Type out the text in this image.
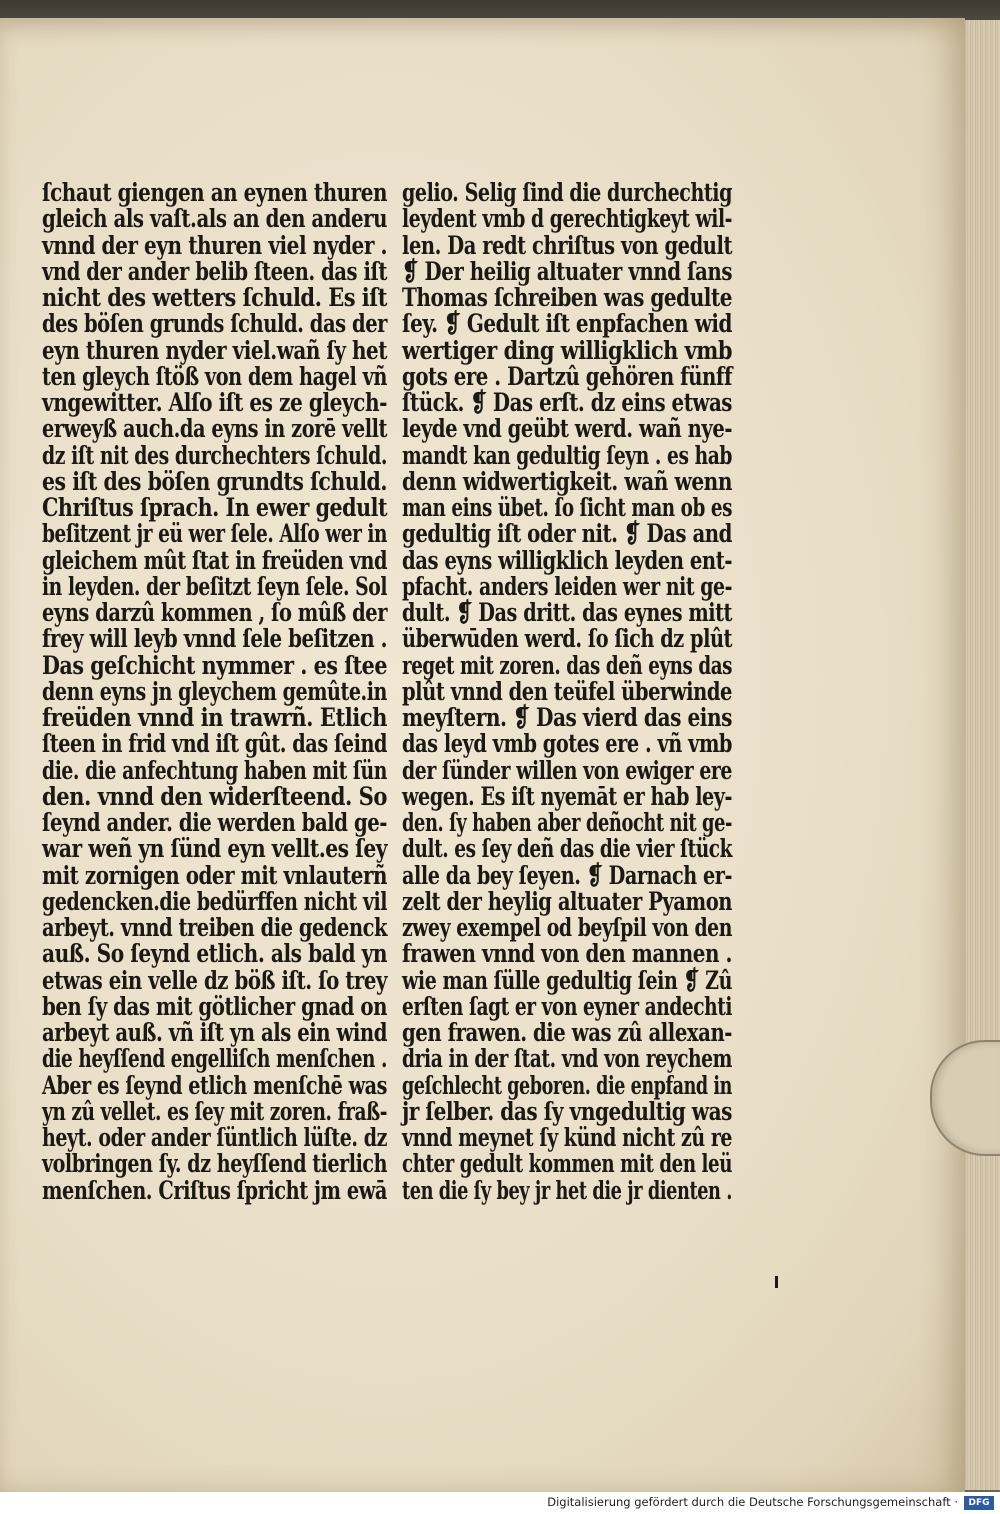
ſchaut giengen an eynen thuren
gleich als vaſt.als an den anderu
vnnd der eyn thuren viel nyder .
vnd der ander belib ſteen. das iſt
nicht des wetters ſchuld. Es iſt
des böſen grunds ſchuld. das der
eyn thuren nyder viel.wañ ſy het
ten gleych ſtöß von dem hagel vñ
vngewitter. Alſo iſt es ze gleych-
erweyß auch.da eyns in zorē vellt
dz iſt nit des durchechters ſchuld.
es iſt des böſen grundts ſchuld.
Chriſtus ſprach. In ewer gedult
beſitzent jr eü wer ſele. Alſo wer in
gleichem mût ſtat in freüden vnd
in leyden. der beſitzt ſeyn ſele. Sol
eyns darzû kommen , ſo mûß der
frey will leyb vnnd ſele beſitzen .
Das geſchicht nymmer . es ſtee
denn eyns jn gleychem gemûte.in
freüden vnnd in trawrñ. Etlich
ſteen in frid vnd iſt gût. das ſeind
die. die anfechtung haben mit ſün
den. vnnd den widerſteend. So
ſeynd ander. die werden bald ge-
war weñ yn ſünd eyn vellt.es ſey
mit zornigen oder mit vnlauterñ
gedencken.die bedürffen nicht vil
arbeyt. vnnd treiben die gedenck
auß. So ſeynd etlich. als bald yn
etwas ein velle dz böß iſt. ſo trey
ben ſy das mit götlicher gnad on
arbeyt auß. vñ iſt yn als ein wind
die heyſſend engelliſch menſchen .
Aber es ſeynd etlich menſchē was
yn zû vellet. es ſey mit zoren. fraß-
heyt. oder ander ſüntlich lüſte. dz
volbringen ſy. dz heyſſend tierlich
menſchen. Criſtus ſpricht jm ewā
gelio. Selig ſind die durchechtig
leydent vmb d gerechtigkeyt wil-
len. Da redt chriſtus von gedult
❡ Der heilig altuater vnnd ſans
Thomas ſchreiben was gedulte
ſey. ❡ Gedult iſt enpfachen wid
wertiger ding willigklich vmb
gots ere . Dartzû gehören fünff
ſtück. ❡ Das erſt. dz eins etwas
leyde vnd geübt werd. wañ nye-
mandt kan gedultig ſeyn . es hab
denn widwertigkeit. wañ wenn
man eins übet. ſo ſicht man ob es
gedultig iſt oder nit. ❡ Das and
das eyns willigklich leyden ent-
pfacht. anders leiden wer nit ge-
dult. ❡ Das dritt. das eynes mitt
überwūden werd. ſo ſich dz plût
reget mit zoren. das deñ eyns das
plût vnnd den teüfel überwinde
meyſtern. ❡ Das vierd das eins
das leyd vmb gotes ere . vñ vmb
der ſünder willen von ewiger ere
wegen. Es iſt nyemāt er hab ley-
den. ſy haben aber deñocht nit ge-
dult. es ſey deñ das die vier ſtück
alle da bey ſeyen. ❡ Darnach er-
zelt der heylig altuater Pyamon
zwey exempel od beyſpil von den
frawen vnnd von den mannen .
wie man ſülle gedultig ſein ❡ Zû
erſten ſagt er von eyner andechti
gen frawen. die was zû allexan-
dria in der ſtat. vnd von reychem
geſchlecht geboren. die enpfand in
jr ſelber. das ſy vngedultig was
vnnd meynet ſy künd nicht zû re
chter gedult kommen mit den leü
ten die ſy bey jr het die jr dienten .
Digitalisierung gefördert durch die Deutsche Forschungsgemeinschaft ·	DFG
